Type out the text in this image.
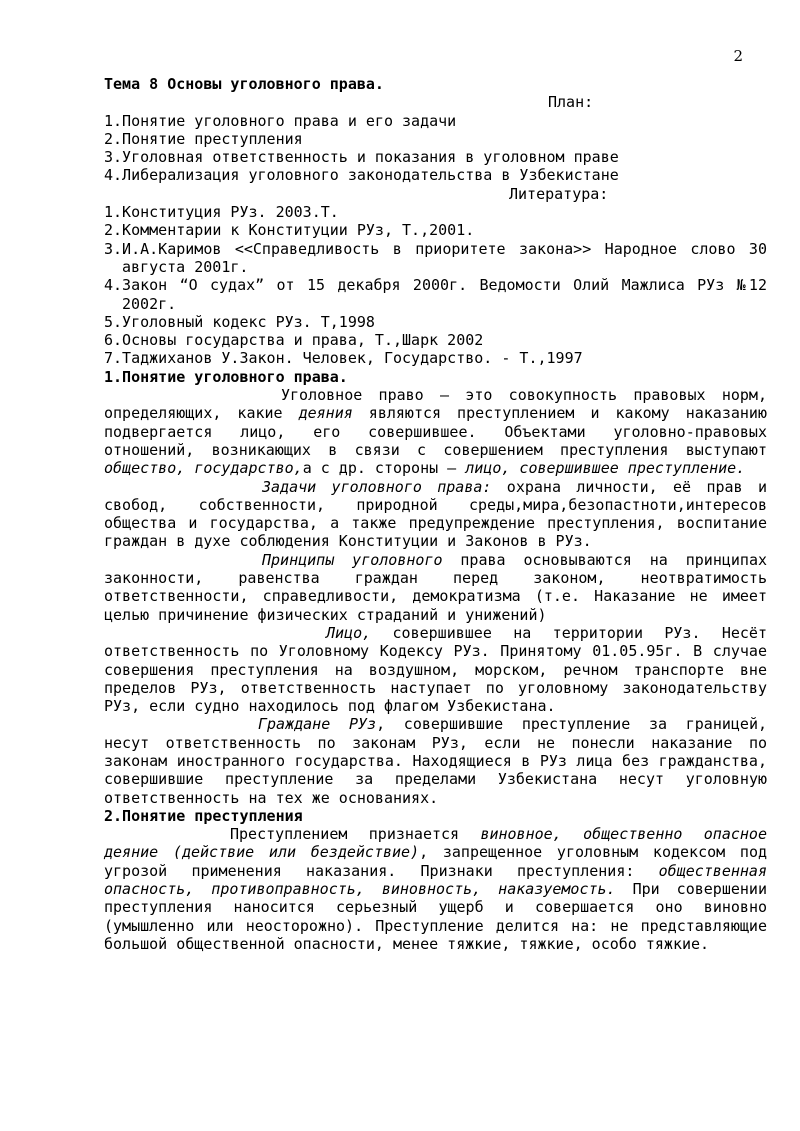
2

Тема 8 Основы уголовного права.

План:

1.Понятие уголовного права и его задачи

2.Понятие преступления

3.Уголовная ответственность и показания в уголовном праве

4.Либерализация уголовного законодательства в Узбекистане

Литература:

1.Конституция РУз. 2003.Т.

2.Комментарии к Конституции РУз, Т.,2001.

3.И.А.Каримов <<Справедливость в приоритете закона>> Народное слово 30

августа 2001г.

4.Закон “О судах” от 15 декабря 2000г. Ведомости Олий Мажлиса РУз №12

2002г.

5.Уголовный кодекс РУз. Т,1998

6.Основы государства и права, Т.,Шарк 2002

7.Таджиханов У.Закон. Человек, Государство. - Т.,1997

1.Понятие уголовного права.

Уголовное право – это совокупность правовых норм, определяющих, какие деяния являются преступлением и какому наказанию подвергается лицо, его совершившее. Объектами уголовно-правовых отношений, возникающих в связи с совершением преступления выступают общество, государство,а с др. стороны – лицо, совершившее преступление.

Задачи уголовного права: охрана личности, её прав и свобод, собственности, природной среды,мира,безопастноти,интересов общества и государства, а также предупреждение преступления, воспитание граждан в духе соблюдения Конституции и Законов в РУз.

Принципы уголовного права основываются на принципах законности, равенства граждан перед законом, неотвратимость ответственности, справедливости, демократизма (т.е. Наказание не имеет целью причинение физических страданий и унижений)

Лицо, совершившее на территории РУз. Несёт ответственность по Уголовному Кодексу РУз. Принятому 01.05.95г. В случае совершения преступления на воздушном, морском, речном транспорте вне пределов РУз, ответственность наступает по уголовному законодательству РУз, если судно находилось под флагом Узбекистана.

Граждане РУз, совершившие преступление за границей, несут ответственность по законам РУз, если не понесли наказание по законам иностранного государства. Находящиеся в РУз лица без гражданства, совершившие преступление за пределами Узбекистана несут уголовную ответственность на тех же основаниях.

2.Понятие преступления

Преступлением признается виновное, общественно опасное деяние (действие или бездействие), запрещенное уголовным кодексом под угрозой применения наказания. Признаки преступления: общественная опасность, противоправность, виновность, наказуемость. При совершении преступления наносится серьезный ущерб и совершается оно виновно (умышленно или неосторожно). Преступление делится на: не представляющие большой общественной опасности, менее тяжкие, тяжкие, особо тяжкие.
